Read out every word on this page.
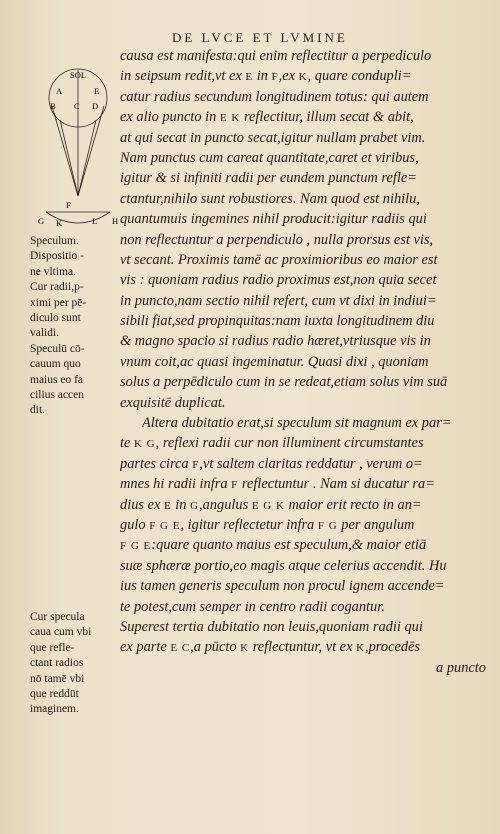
DE LVCE ET LVMINE
SOL
A	E
B C D
F
G K	L H
causa est manifesta:qui enim reflectitur a perpediculo
in seipsum redit,vt ex E in F,ex K, quare condupli=
catur radius secundum longitudinem totus: qui autem
ex alio puncto in E K reflectitur, illum secat & abit,
at qui secat in puncto secat,igitur nullam prabet vim.
Nam punctus cum careat quantitate,caret et viribus,
igitur & si infiniti radii per eundem punctum refle=
ctantur,nihilo sunt robustiores. Nam quod est nihilu,
quantumuis ingemines nihil producit:igitur radiis qui
non reflectuntur a perpendiculo , nulla prorsus est vis,
vt secant. Proximis tamē ac proximioribus eo maior est
vis : quoniam radius radio proximus est,non quia secet
in puncto,nam sectio nihil refert, cum vt dixi in indiui=
sibili fiat,sed propinquitas:nam iuxta longitudinem diu
& magno spacio si radius radio hæret,vtriusque vis in
vnum coit,ac quasi ingeminatur. Quasi dixi , quoniam
solus a perpēdiculo cum in se redeat,etiam solus vim suā
exquisitē duplicat.
Altera dubitatio erat,si speculum sit magnum ex par=
te K G, reflexi radii cur non illuminent circumstantes
partes circa F,vt saltem claritas reddatur , verum o=
mnes hi radii infra F reflectuntur . Nam si ducatur ra=
dius ex E in G,angulus E G K maior erit recto in an=
gulo F G E, igitur reflectetur infra F G per angulum
F G E:quare quanto maius est speculum,& maior etiā
suæ sphæræ portio,eo magis atque celerius accendit. Hu
ius tamen generis speculum non procul ignem accende=
te potest,cum semper in centro radii cogantur.
Superest tertia dubitatio non leuis,quoniam radii qui
ex parte E C,a pūcto K reflectuntur, vt ex K,procedēs
a puncto
Speculum.
Dispositio -
ne vltima.
Cur radii,p-
ximi per pē-
diculo sunt
validi.
Speculū cō-
cauum quo
maius eo fa
cilius accen
dit.
Cur specula
caua cum vbi
que refle-
ctant radios
nō tamē vbi
que reddūt
imaginem.
